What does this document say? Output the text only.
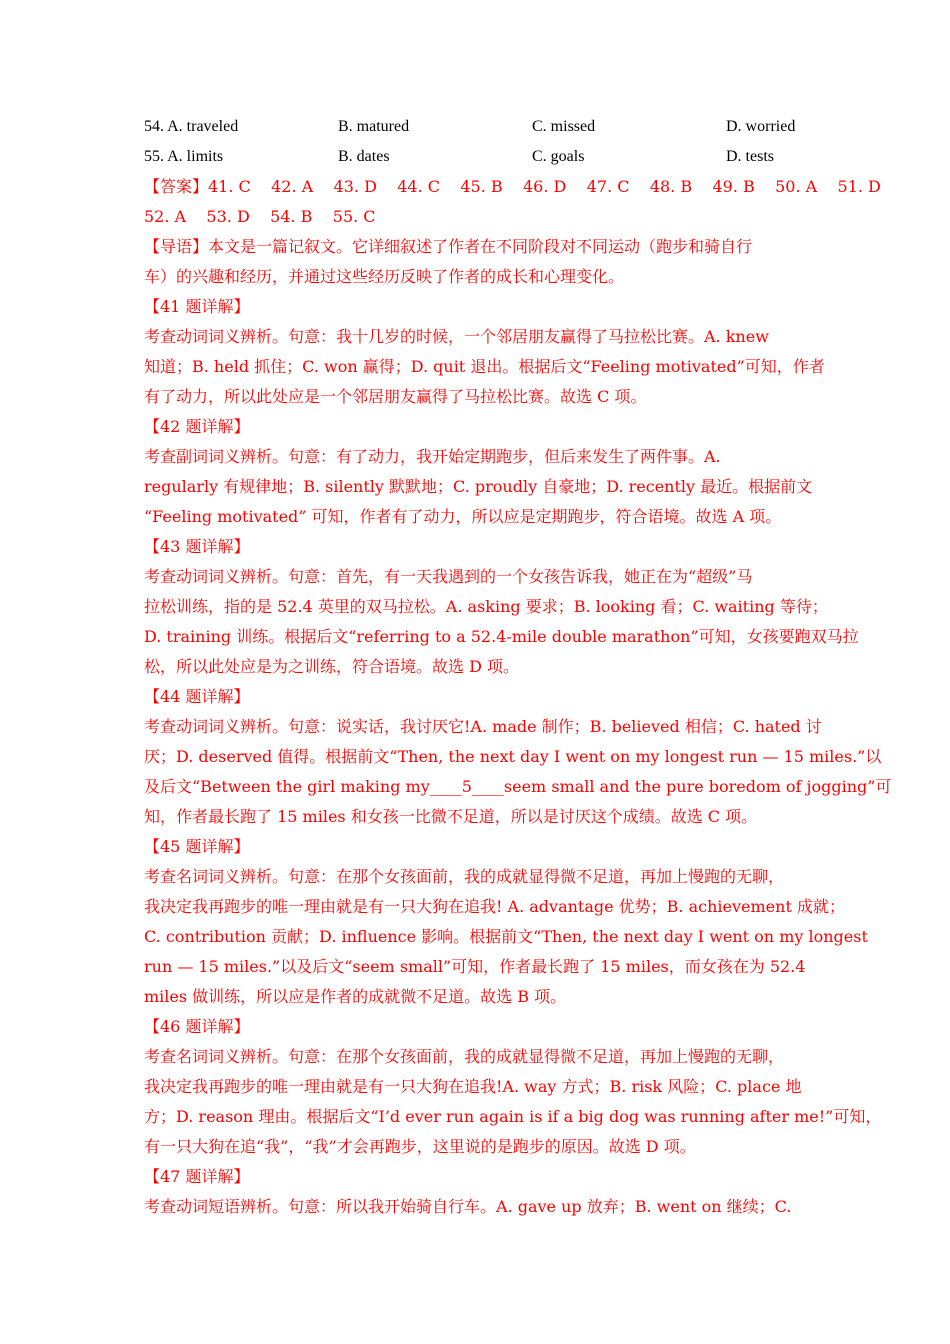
54. A. traveled	B. matured	C. missed	D. worried
55. A. limits	B. dates	C. goals	D. tests
【答案】41. C    42. A    43. D    44. C    45. B    46. D    47. C    48. B    49. B    50. A    51. D
52. A    53. D    54. B    55. C
【导语】本文是一篇记叙文。它详细叙述了作者在不同阶段对不同运动（跑步和骑自行
车）的兴趣和经历，并通过这些经历反映了作者的成长和心理变化。
【41 题详解】
考查动词词义辨析。句意：我十几岁的时候，一个邻居朋友赢得了马拉松比赛。A. knew
知道；B. held 抓住；C. won 赢得；D. quit 退出。根据后文“Feeling motivated”可知，作者
有了动力，所以此处应是一个邻居朋友赢得了马拉松比赛。故选 C 项。
【42 题详解】
考查副词词义辨析。句意：有了动力，我开始定期跑步，但后来发生了两件事。A.
regularly 有规律地；B. silently 默默地；C. proudly 自豪地；D. recently 最近。根据前文
“Feeling motivated” 可知，作者有了动力，所以应是定期跑步，符合语境。故选 A 项。
【43 题详解】
考查动词词义辨析。句意：首先，有一天我遇到的一个女孩告诉我，她正在为“超级”马
拉松训练，指的是 52.4 英里的双马拉松。A. asking 要求；B. looking 看；C. waiting 等待；
D. training 训练。根据后文“referring to a 52.4-mile double marathon”可知，女孩要跑双马拉
松，所以此处应是为之训练，符合语境。故选 D 项。
【44 题详解】
考查动词词义辨析。句意：说实话，我讨厌它!A. made 制作；B. believed 相信；C. hated 讨
厌；D. deserved 值得。根据前文“Then, the next day I went on my longest run — 15 miles.”以
及后文“Between the girl making my____5____seem small and the pure boredom of jogging”可
知，作者最长跑了 15 miles 和女孩一比微不足道，所以是讨厌这个成绩。故选 C 项。
【45 题详解】
考查名词词义辨析。句意：在那个女孩面前，我的成就显得微不足道，再加上慢跑的无聊，
我决定我再跑步的唯一理由就是有一只大狗在追我! A. advantage 优势；B. achievement 成就；
C. contribution 贡献；D. influence 影响。根据前文“Then, the next day I went on my longest
run — 15 miles.”以及后文“seem small”可知，作者最长跑了 15 miles，而女孩在为 52.4
miles 做训练，所以应是作者的成就微不足道。故选 B 项。
【46 题详解】
考查名词词义辨析。句意：在那个女孩面前，我的成就显得微不足道，再加上慢跑的无聊，
我决定我再跑步的唯一理由就是有一只大狗在追我!A. way 方式；B. risk 风险；C. place 地
方；D. reason 理由。根据后文“I’d ever run again is if a big dog was running after me!”可知，
有一只大狗在追“我”，“我”才会再跑步，这里说的是跑步的原因。故选 D 项。
【47 题详解】
考查动词短语辨析。句意：所以我开始骑自行车。A. gave up 放弃；B. went on 继续；C.
